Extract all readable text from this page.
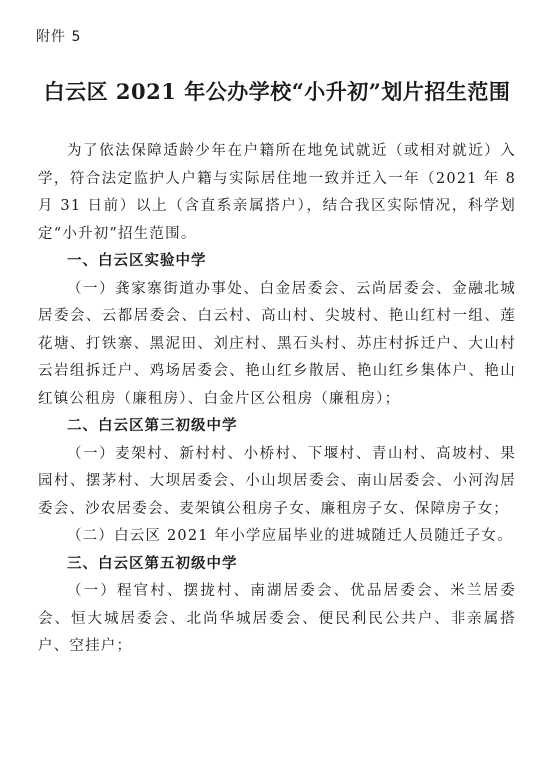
附件 5
白云区 2021 年公办学校“小升初”划片招生范围
为了依法保障适龄少年在户籍所在地免试就近（或相对就近）入学，符合法定监护人户籍与实际居住地一致并迁入一年（2021 年 8 月 31 日前）以上（含直系亲属搭户），结合我区实际情况，科学划定“小升初”招生范围。
一、白云区实验中学
（一）龚家寨街道办事处、白金居委会、云尚居委会、金融北城居委会、云都居委会、白云村、高山村、尖坡村、艳山红村一组、莲花塘、打铁寨、黑泥田、刘庄村、黑石头村、苏庄村拆迁户、大山村云岩组拆迁户、鸡场居委会、艳山红乡散居、艳山红乡集体户、艳山红镇公租房（廉租房）、白金片区公租房（廉租房）；
二、白云区第三初级中学
（一）麦架村、新村村、小桥村、下堰村、青山村、高坡村、果园村、摆茅村、大坝居委会、小山坝居委会、南山居委会、小河沟居委会、沙农居委会、麦架镇公租房子女、廉租房子女、保障房子女；
（二）白云区 2021 年小学应届毕业的进城随迁人员随迁子女。
三、白云区第五初级中学
（一）程官村、摆拢村、南湖居委会、优品居委会、米兰居委会、恒大城居委会、北尚华城居委会、便民利民公共户、非亲属搭户、空挂户；
